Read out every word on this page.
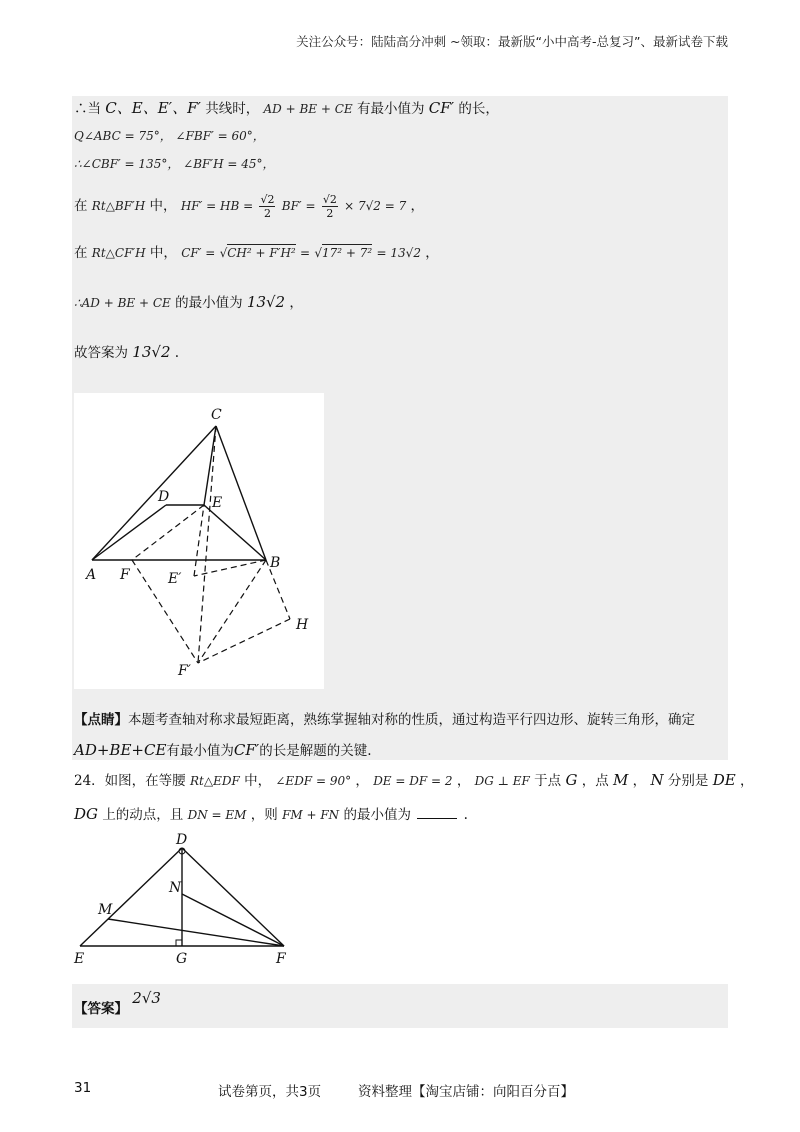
关注公众号：陆陆高分冲刺 ~领取：最新版“小中高考-总复习”、最新试卷下载
∴当 C、E、E′、F′ 共线时， AD + BE + CE 有最小值为 CF′ 的长，
Q∠ABC = 75°， ∠FBF′ = 60°，
∴∠CBF′ = 135°， ∠BF′H = 45°，
在 Rt△BF′H 中， HF′ = HB = $\frac{√2}{2} BF' = \frac{√2}{2} \times 7√2 = 7$ ，
在 Rt△CF′H 中， CF′ = √CH² + F′H² = √17² + 7² = 13√2 ，
∴AD + BE + CE 的最小值为 13√2 ，
故答案为 13√2 .
C
D	E
A F	E′
B
H
F′
【点睛】本题考查轴对称求最短距离，熟练掌握轴对称的性质，通过构造平行四边形、旋转三角形，确定
AD+BE+CE有最小值为CF′的长是解题的关键.
24．如图，在等腰 Rt△EDF 中， ∠EDF = 90° ， DE = DF = 2 ， DG ⊥ EF 于点 G ，点 M ， N 分别是 DE ，
DG 上的动点，且 DN = EM ，则 FM + FN 的最小值为	.
D
N
M
E	G	F
【答案】 2√3
31	试卷第页，共3页	资料整理【淘宝店铺：向阳百分百】
